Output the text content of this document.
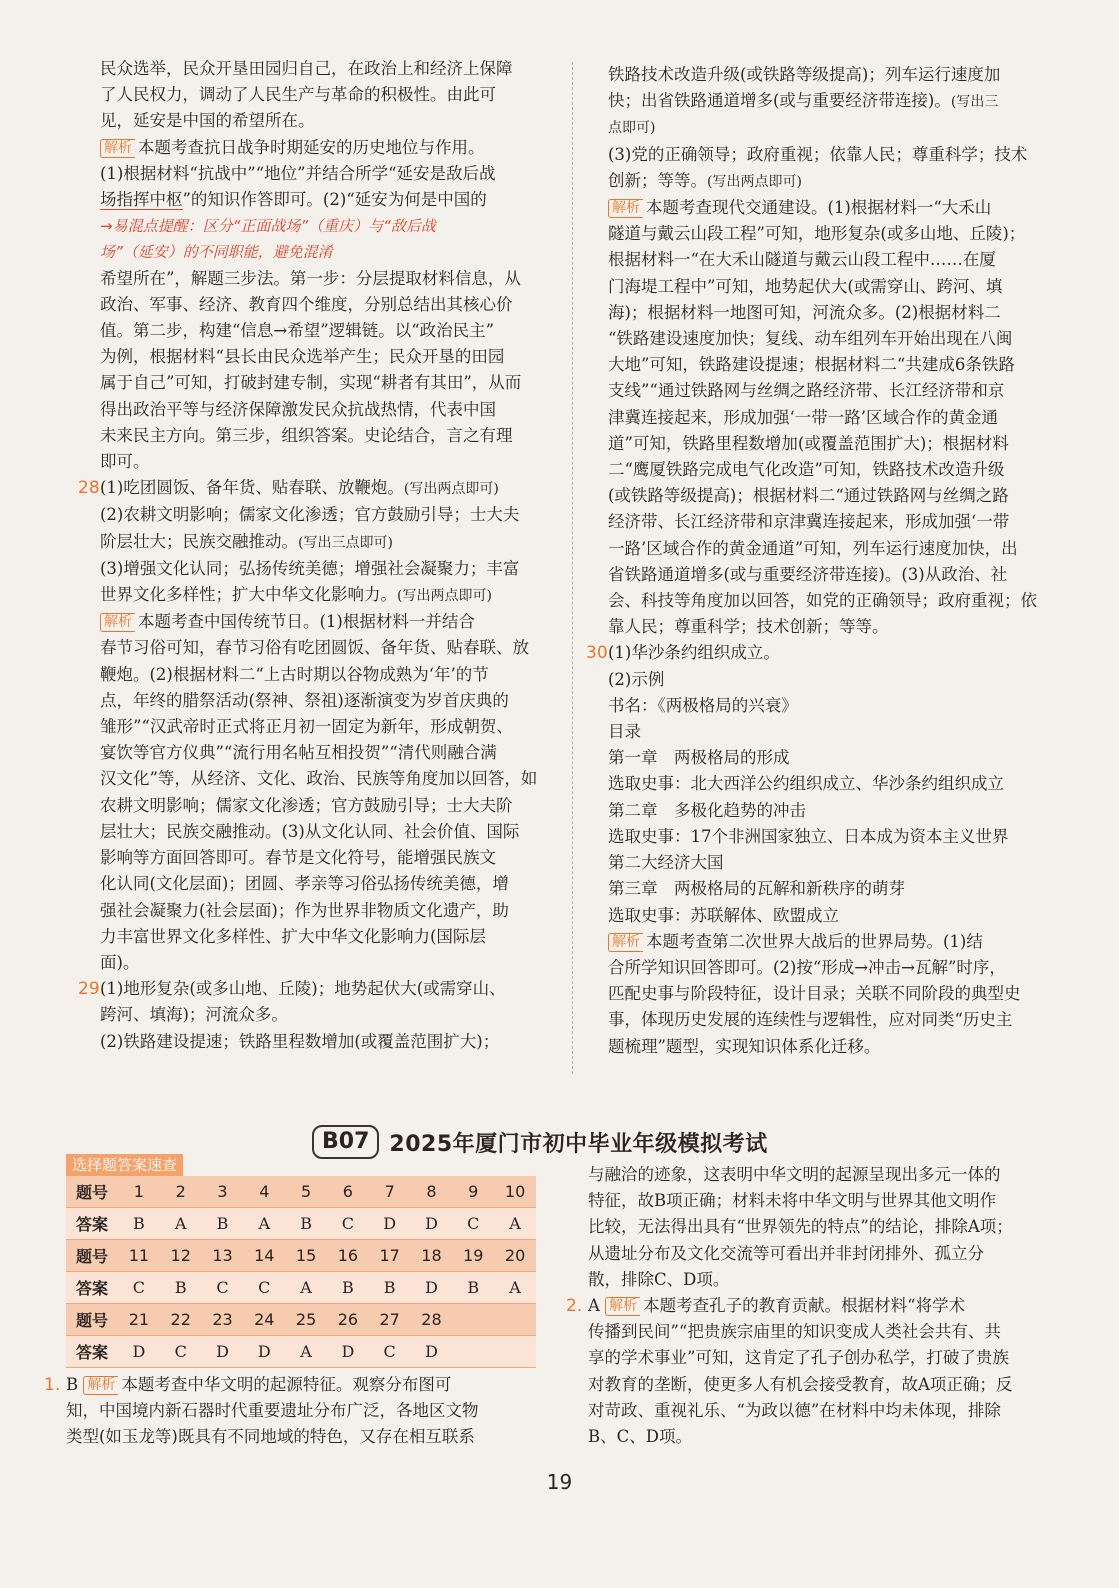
民众选举，民众开垦田园归自己，在政治上和经济上保障

了人民权力，调动了人民生产与革命的积极性。由此可

见，延安是中国的希望所在。

解析 本题考查抗日战争时期延安的历史地位与作用。

(1)根据材料“抗战中”“地位”并结合所学“延安是敌后战

场指挥中枢”的知识作答即可。(2)“延安为何是中国的

→易混点提醒：区分“正面战场”（重庆）与“敌后战

场”（延安）的不同职能，避免混淆

希望所在”，解题三步法。第一步：分层提取材料信息，从

政治、军事、经济、教育四个维度，分别总结出其核心价

值。第二步，构建“信息→希望”逻辑链。以“政治民主”

为例，根据材料“县长由民众选举产生；民众开垦的田园

属于自己”可知，打破封建专制，实现“耕者有其田”，从而

得出政治平等与经济保障激发民众抗战热情，代表中国

未来民主方向。第三步，组织答案。史论结合，言之有理

即可。

28.(1)吃团圆饭、备年货、贴春联、放鞭炮。(写出两点即可)

(2)农耕文明影响；儒家文化渗透；官方鼓励引导；士大夫

阶层壮大；民族交融推动。(写出三点即可)

(3)增强文化认同；弘扬传统美德；增强社会凝聚力；丰富

世界文化多样性；扩大中华文化影响力。(写出两点即可)

解析 本题考查中国传统节日。(1)根据材料一并结合

春节习俗可知，春节习俗有吃团圆饭、备年货、贴春联、放

鞭炮。(2)根据材料二“上古时期以谷物成熟为‘年’的节

点，年终的腊祭活动(祭神、祭祖)逐渐演变为岁首庆典的

雏形”“汉武帝时正式将正月初一固定为新年，形成朝贺、

宴饮等官方仪典”“流行用名帖互相投贺”“清代则融合满

汉文化”等，从经济、文化、政治、民族等角度加以回答，如

农耕文明影响；儒家文化渗透；官方鼓励引导；士大夫阶

层壮大；民族交融推动。(3)从文化认同、社会价值、国际

影响等方面回答即可。春节是文化符号，能增强民族文

化认同(文化层面)；团圆、孝亲等习俗弘扬传统美德，增

强社会凝聚力(社会层面)；作为世界非物质文化遗产，助

力丰富世界文化多样性、扩大中华文化影响力(国际层

面)。

29.(1)地形复杂(或多山地、丘陵)；地势起伏大(或需穿山、

跨河、填海)；河流众多。

(2)铁路建设提速；铁路里程数增加(或覆盖范围扩大)；

铁路技术改造升级(或铁路等级提高)；列车运行速度加

快；出省铁路通道增多(或与重要经济带连接)。(写出三

点即可)

(3)党的正确领导；政府重视；依靠人民；尊重科学；技术

创新；等等。(写出两点即可)

解析 本题考查现代交通建设。(1)根据材料一“大禾山

隧道与戴云山段工程”可知，地形复杂(或多山地、丘陵)；

根据材料一“在大禾山隧道与戴云山段工程中……在厦

门海堤工程中”可知，地势起伏大(或需穿山、跨河、填

海)；根据材料一地图可知，河流众多。(2)根据材料二

“铁路建设速度加快；复线、动车组列车开始出现在八闽

大地”可知，铁路建设提速；根据材料二“共建成6条铁路

支线”“通过铁路网与丝绸之路经济带、长江经济带和京

津冀连接起来，形成加强‘一带一路’区域合作的黄金通

道”可知，铁路里程数增加(或覆盖范围扩大)；根据材料

二“鹰厦铁路完成电气化改造”可知，铁路技术改造升级

(或铁路等级提高)；根据材料二“通过铁路网与丝绸之路

经济带、长江经济带和京津冀连接起来，形成加强‘一带

一路’区域合作的黄金通道”可知，列车运行速度加快，出

省铁路通道增多(或与重要经济带连接)。(3)从政治、社

会、科技等角度加以回答，如党的正确领导；政府重视；依

靠人民；尊重科学；技术创新；等等。

30.(1)华沙条约组织成立。

(2)示例

书名：《两极格局的兴衰》

目录

第一章　两极格局的形成

选取史事：北大西洋公约组织成立、华沙条约组织成立

第二章　多极化趋势的冲击

选取史事：17个非洲国家独立、日本成为资本主义世界

第二大经济大国

第三章　两极格局的瓦解和新秩序的萌芽

选取史事：苏联解体、欧盟成立

解析 本题考查第二次世界大战后的世界局势。(1)结

合所学知识回答即可。(2)按“形成→冲击→瓦解”时序，

匹配史事与阶段特征，设计目录；关联不同阶段的典型史

事，体现历史发展的连续性与逻辑性，应对同类“历史主

题梳理”题型，实现知识体系化迁移。

B07 2025年厦门市初中毕业年级模拟考试
选择题答案速查
题号	1	2	3	4	5	6	7	8	9	10
答案	B	A	B	A	B	C	D	D	C	A
题号	11	12	13	14	15	16	17	18	19	20
答案	C	B	C	C	A	B	B	D	B	A
题号	21	22	23	24	25	26	27	28		
答案	D	C	D	D	A	D	C	D		

1. B 解析 本题考查中华文明的起源特征。观察分布图可

知，中国境内新石器时代重要遗址分布广泛，各地区文物

类型(如玉龙等)既具有不同地域的特色，又存在相互联系

与融洽的迹象，这表明中华文明的起源呈现出多元一体的

特征，故B项正确；材料未将中华文明与世界其他文明作

比较，无法得出具有“世界领先的特点”的结论，排除A项；

从遗址分布及文化交流等可看出并非封闭排外、孤立分

散，排除C、D项。

2. A 解析 本题考查孔子的教育贡献。根据材料“将学术

传播到民间”“把贵族宗庙里的知识变成人类社会共有、共

享的学术事业”可知，这肯定了孔子创办私学，打破了贵族

对教育的垄断，使更多人有机会接受教育，故A项正确；反

对苛政、重视礼乐、“为政以德”在材料中均未体现，排除

B、C、D项。

19
